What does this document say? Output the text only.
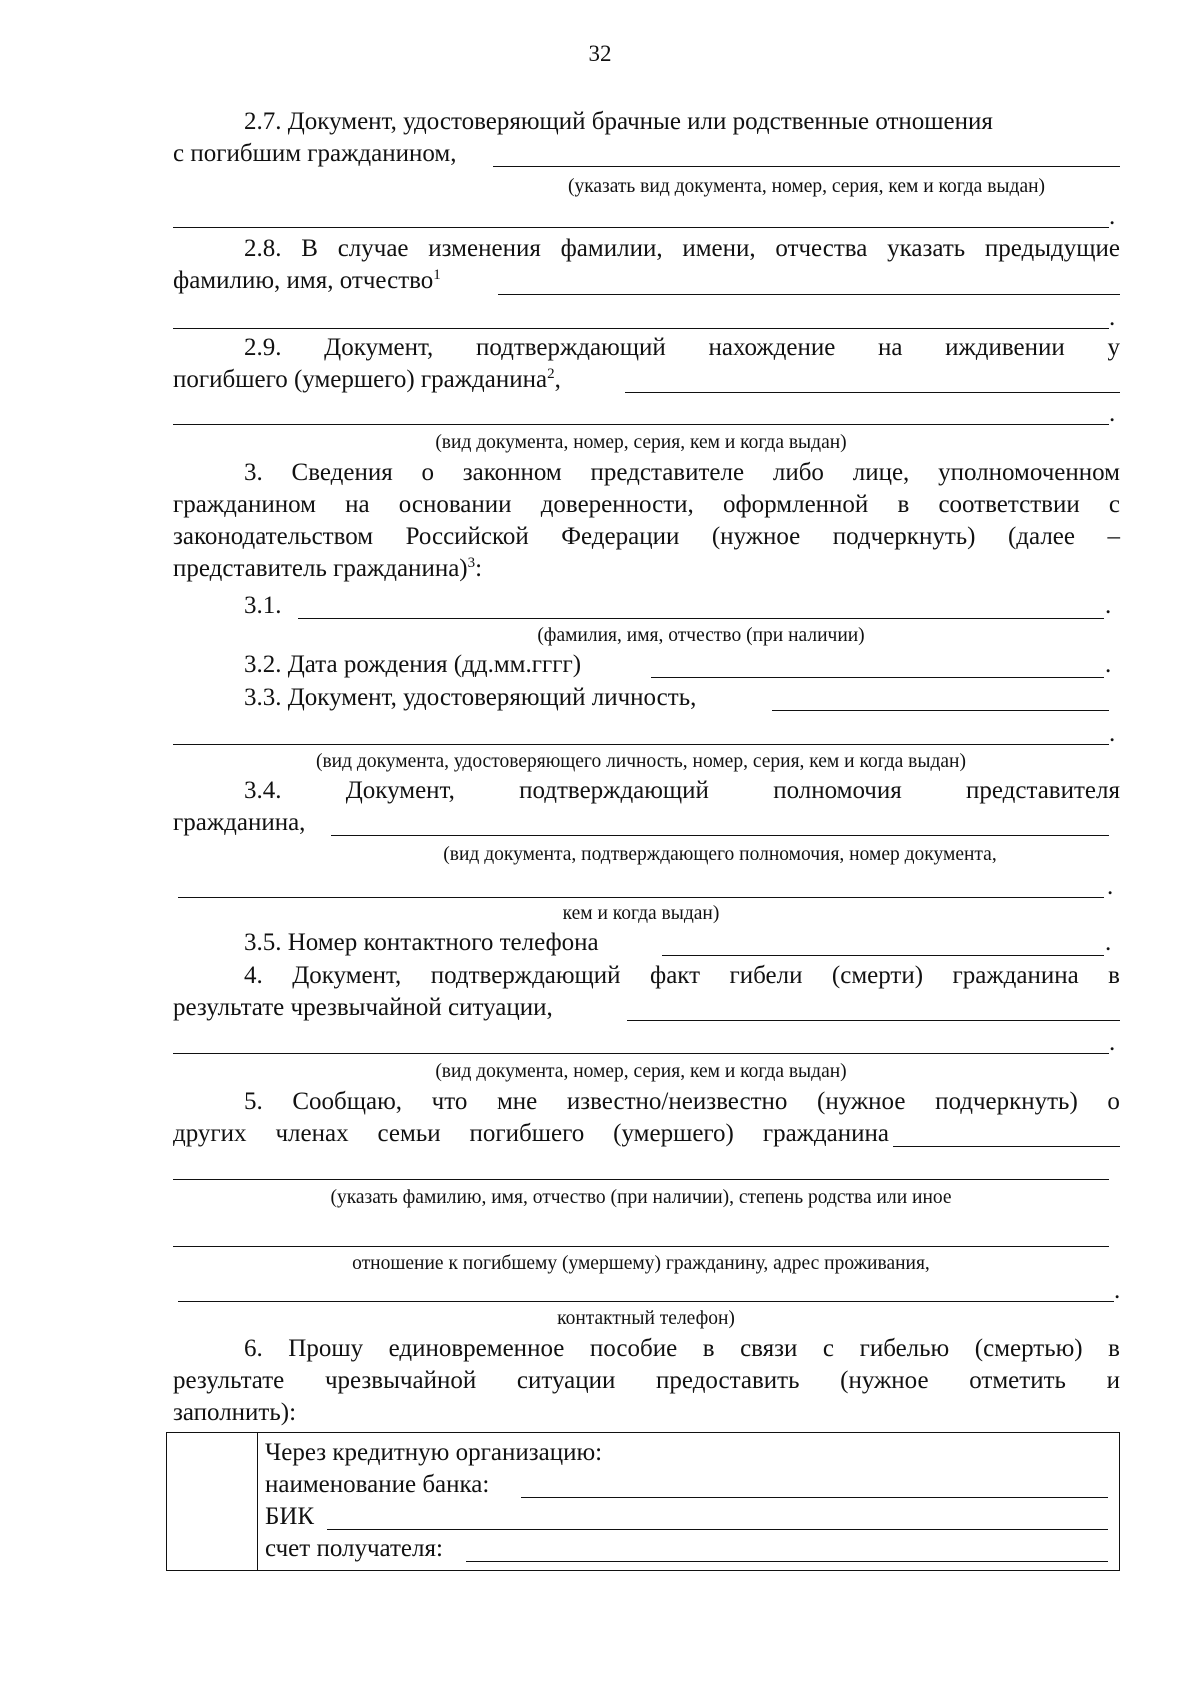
32
2.7. Документ, удостоверяющий брачные или родственные отношения
с погибшим гражданином,
(указать вид документа, номер, серия, кем и когда выдан)
.
2.8. В случае изменения фамилии, имени, отчества указать предыдущие
фамилию, имя, отчество$^1$
.
2.9. Документ, подтверждающий нахождение на иждивении у
погибшего (умершего) гражданина$^2$,
.
(вид документа, номер, серия, кем и когда выдан)
3. Сведения о законном представителе либо лице, уполномоченном
гражданином на основании доверенности, оформленной в соответствии с
законодательством Российской Федерации (нужное подчеркнуть) (далее –
представитель гражданина)$^3$:
3.1.	.
(фамилия, имя, отчество (при наличии)
3.2. Дата рождения (дд.мм.гггг)	.
3.3. Документ, удостоверяющий личность,
.
(вид документа, удостоверяющего личность, номер, серия, кем и когда выдан)
3.4.	Документ,	подтверждающий	полномочия	представителя
гражданина,
(вид документа, подтверждающего полномочия, номер документа,
.
кем и когда выдан)
3.5. Номер контактного телефона	.
4. Документ, подтверждающий факт гибели (смерти) гражданина в
результате чрезвычайной ситуации,
.
(вид документа, номер, серия, кем и когда выдан)
5. Сообщаю, что мне известно/неизвестно (нужное подчеркнуть) о
других членах семьи погибшего (умершего) гражданина
(указать фамилию, имя, отчество (при наличии), степень родства или иное
отношение к погибшему (умершему) гражданину, адрес проживания,
.
контактный телефон)
6. Прошу единовременное пособие в связи с гибелью (смертью) в
результате чрезвычайной ситуации предоставить (нужное отметить и
заполнить):
Через кредитную организацию:
наименование банка:
БИК
счет получателя:
